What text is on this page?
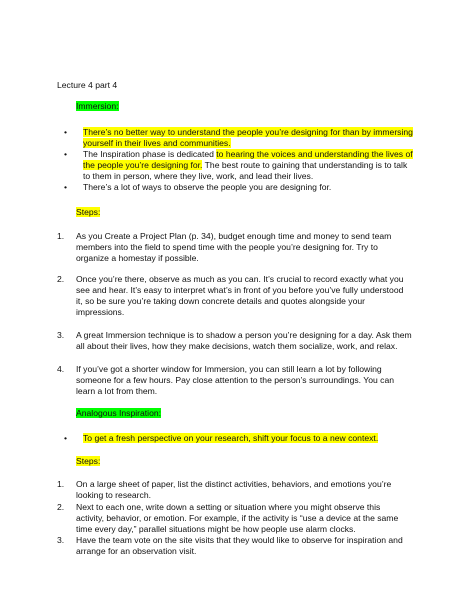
Lecture 4 part 4
Immersion:
• There’s no better way to understand the people you’re designing for than by immersing
yourself in their lives and communities.
• The Inspiration phase is dedicated to hearing the voices and understanding the lives of
the people you’re designing for. The best route to gaining that understanding is to talk
to them in person, where they live, work, and lead their lives.
• There’s a lot of ways to observe the people you are designing for.
Steps:
1. As you Create a Project Plan (p. 34), budget enough time and money to send team
members into the field to spend time with the people you’re designing for. Try to
organize a homestay if possible.
2. Once you’re there, observe as much as you can. It’s crucial to record exactly what you
see and hear. It’s easy to interpret what’s in front of you before you’ve fully understood
it, so be sure you’re taking down concrete details and quotes alongside your
impressions.
3. A great Immersion technique is to shadow a person you’re designing for a day. Ask them
all about their lives, how they make decisions, watch them socialize, work, and relax.
4. If you’ve got a shorter window for Immersion, you can still learn a lot by following
someone for a few hours. Pay close attention to the person’s surroundings. You can
learn a lot from them.
Analogous Inspiration:
• To get a fresh perspective on your research, shift your focus to a new context.
Steps:
1. On a large sheet of paper, list the distinct activities, behaviors, and emotions you’re
looking to research.
2. Next to each one, write down a setting or situation where you might observe this
activity, behavior, or emotion. For example, if the activity is “use a device at the same
time every day,” parallel situations might be how people use alarm clocks.
3. Have the team vote on the site visits that they would like to observe for inspiration and
arrange for an observation visit.
